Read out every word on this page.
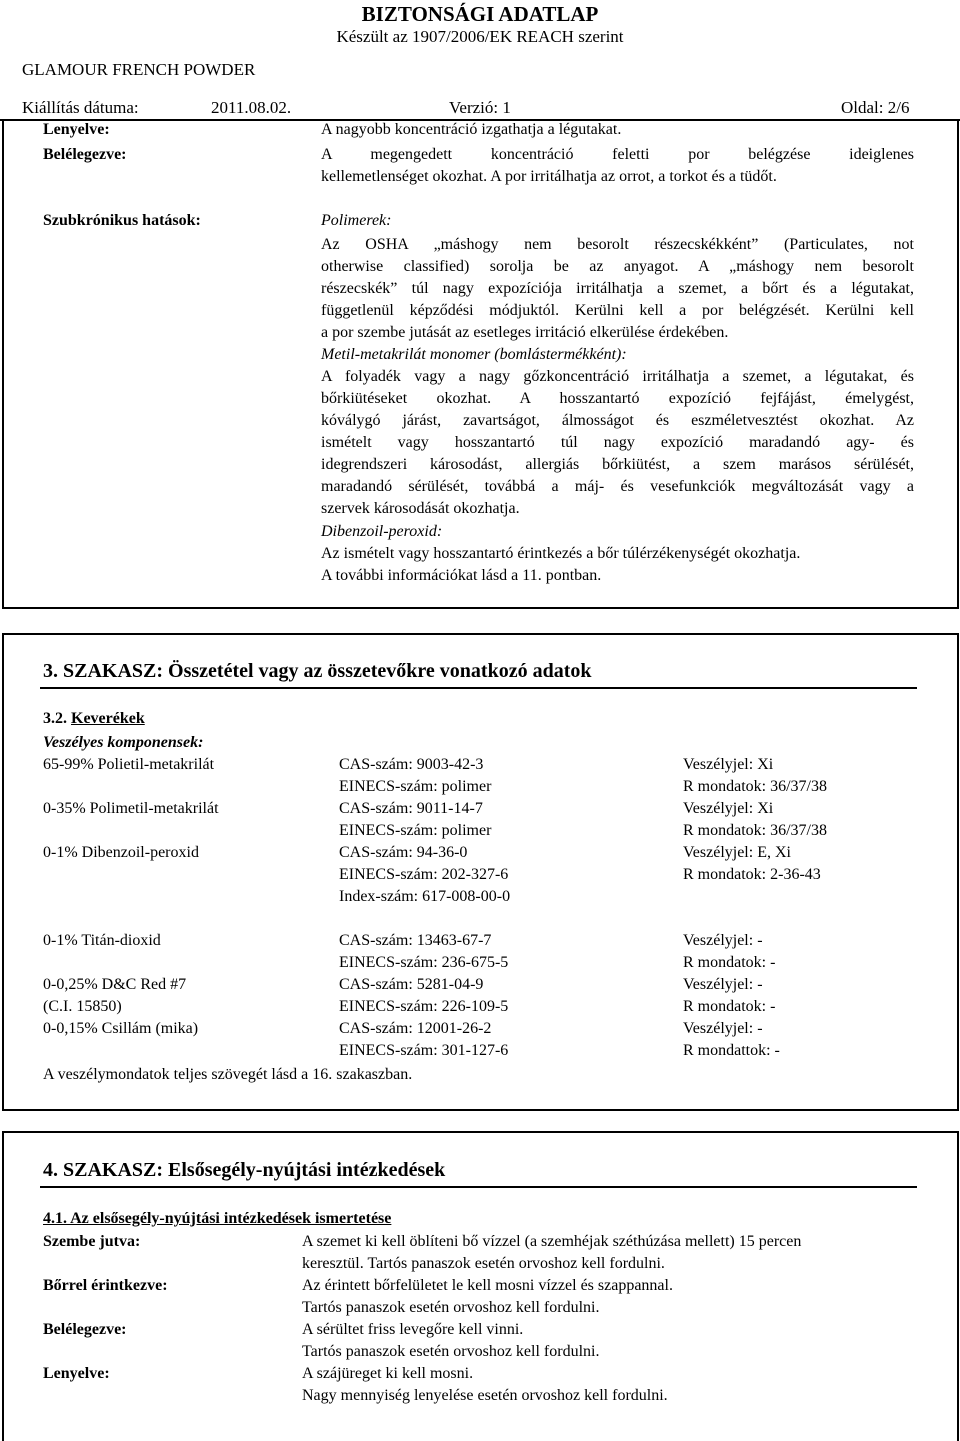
BIZTONSÁGI ADATLAP
Készült az 1907/2006/EK REACH szerint
GLAMOUR FRENCH POWDER
Kiállítás dátuma:	2011.08.02.	Verzió: 1	Oldal: 2/6
Lenyelve:	A nagyobb koncentráció izgathatja a légutakat.
Belélegezve:	A megengedett koncentráció feletti por belégzése ideiglenes
kellemetlenséget okozhat. A por irritálhatja az orrot, a torkot és a tüdőt.
Szubkrónikus hatások:	Polimerek:
Az OSHA „máshogy nem besorolt részecskékként” (Particulates, not
otherwise classified) sorolja be az anyagot. A „máshogy nem besorolt
részecskék” túl nagy expozíciója irritálhatja a szemet, a bőrt és a légutakat,
függetlenül képződési módjuktól. Kerülni kell a por belégzését. Kerülni kell
a por szembe jutását az esetleges irritáció elkerülése érdekében.
Metil-metakrilát monomer (bomlástermékként):
A folyadék vagy a nagy gőzkoncentráció irritálhatja a szemet, a légutakat, és
bőrkiütéseket okozhat. A hosszantartó expozíció fejfájást, émelygést,
kóválygó járást, zavartságot, álmosságot és eszméletvesztést okozhat. Az
ismételt vagy hosszantartó túl nagy expozíció maradandó agy- és
idegrendszeri károsodást, allergiás bőrkiütést, a szem marásos sérülését,
maradandó sérülését, továbbá a máj- és vesefunkciók megváltozását vagy a
szervek károsodását okozhatja.
Dibenzoil-peroxid:
Az ismételt vagy hosszantartó érintkezés a bőr túlérzékenységét okozhatja.
A további információkat lásd a 11. pontban.
3. SZAKASZ: Összetétel vagy az összetevőkre vonatkozó adatok
3.2. Keverékek
Veszélyes komponensek:
65-99% Polietil-metakrilát	CAS-szám: 9003-42-3	Veszélyjel: Xi
EINECS-szám: polimer	R mondatok: 36/37/38
0-35% Polimetil-metakrilát	CAS-szám: 9011-14-7	Veszélyjel: Xi
EINECS-szám: polimer	R mondatok: 36/37/38
0-1% Dibenzoil-peroxid	CAS-szám: 94-36-0	Veszélyjel: E, Xi
EINECS-szám: 202-327-6	R mondatok: 2-36-43
Index-szám: 617-008-00-0
0-1% Titán-dioxid	CAS-szám: 13463-67-7	Veszélyjel: -
EINECS-szám: 236-675-5	R mondatok: -
0-0,25% D&C Red #7	CAS-szám: 5281-04-9	Veszélyjel: -
(C.I. 15850)	EINECS-szám: 226-109-5	R mondatok: -
0-0,15% Csillám (mika)	CAS-szám: 12001-26-2	Veszélyjel: -
EINECS-szám: 301-127-6	R mondattok: -
A veszélymondatok teljes szövegét lásd a 16. szakaszban.
4. SZAKASZ: Elsősegély-nyújtási intézkedések
4.1. Az elsősegély-nyújtási intézkedések ismertetése
Szembe jutva:	A szemet ki kell öblíteni bő vízzel (a szemhéjak széthúzása mellett) 15 percen
keresztül. Tartós panaszok esetén orvoshoz kell fordulni.
Bőrrel érintkezve:	Az érintett bőrfelületet le kell mosni vízzel és szappannal.
Tartós panaszok esetén orvoshoz kell fordulni.
Belélegezve:	A sérültet friss levegőre kell vinni.
Tartós panaszok esetén orvoshoz kell fordulni.
Lenyelve:	A szájüreget ki kell mosni.
Nagy mennyiség lenyelése esetén orvoshoz kell fordulni.
